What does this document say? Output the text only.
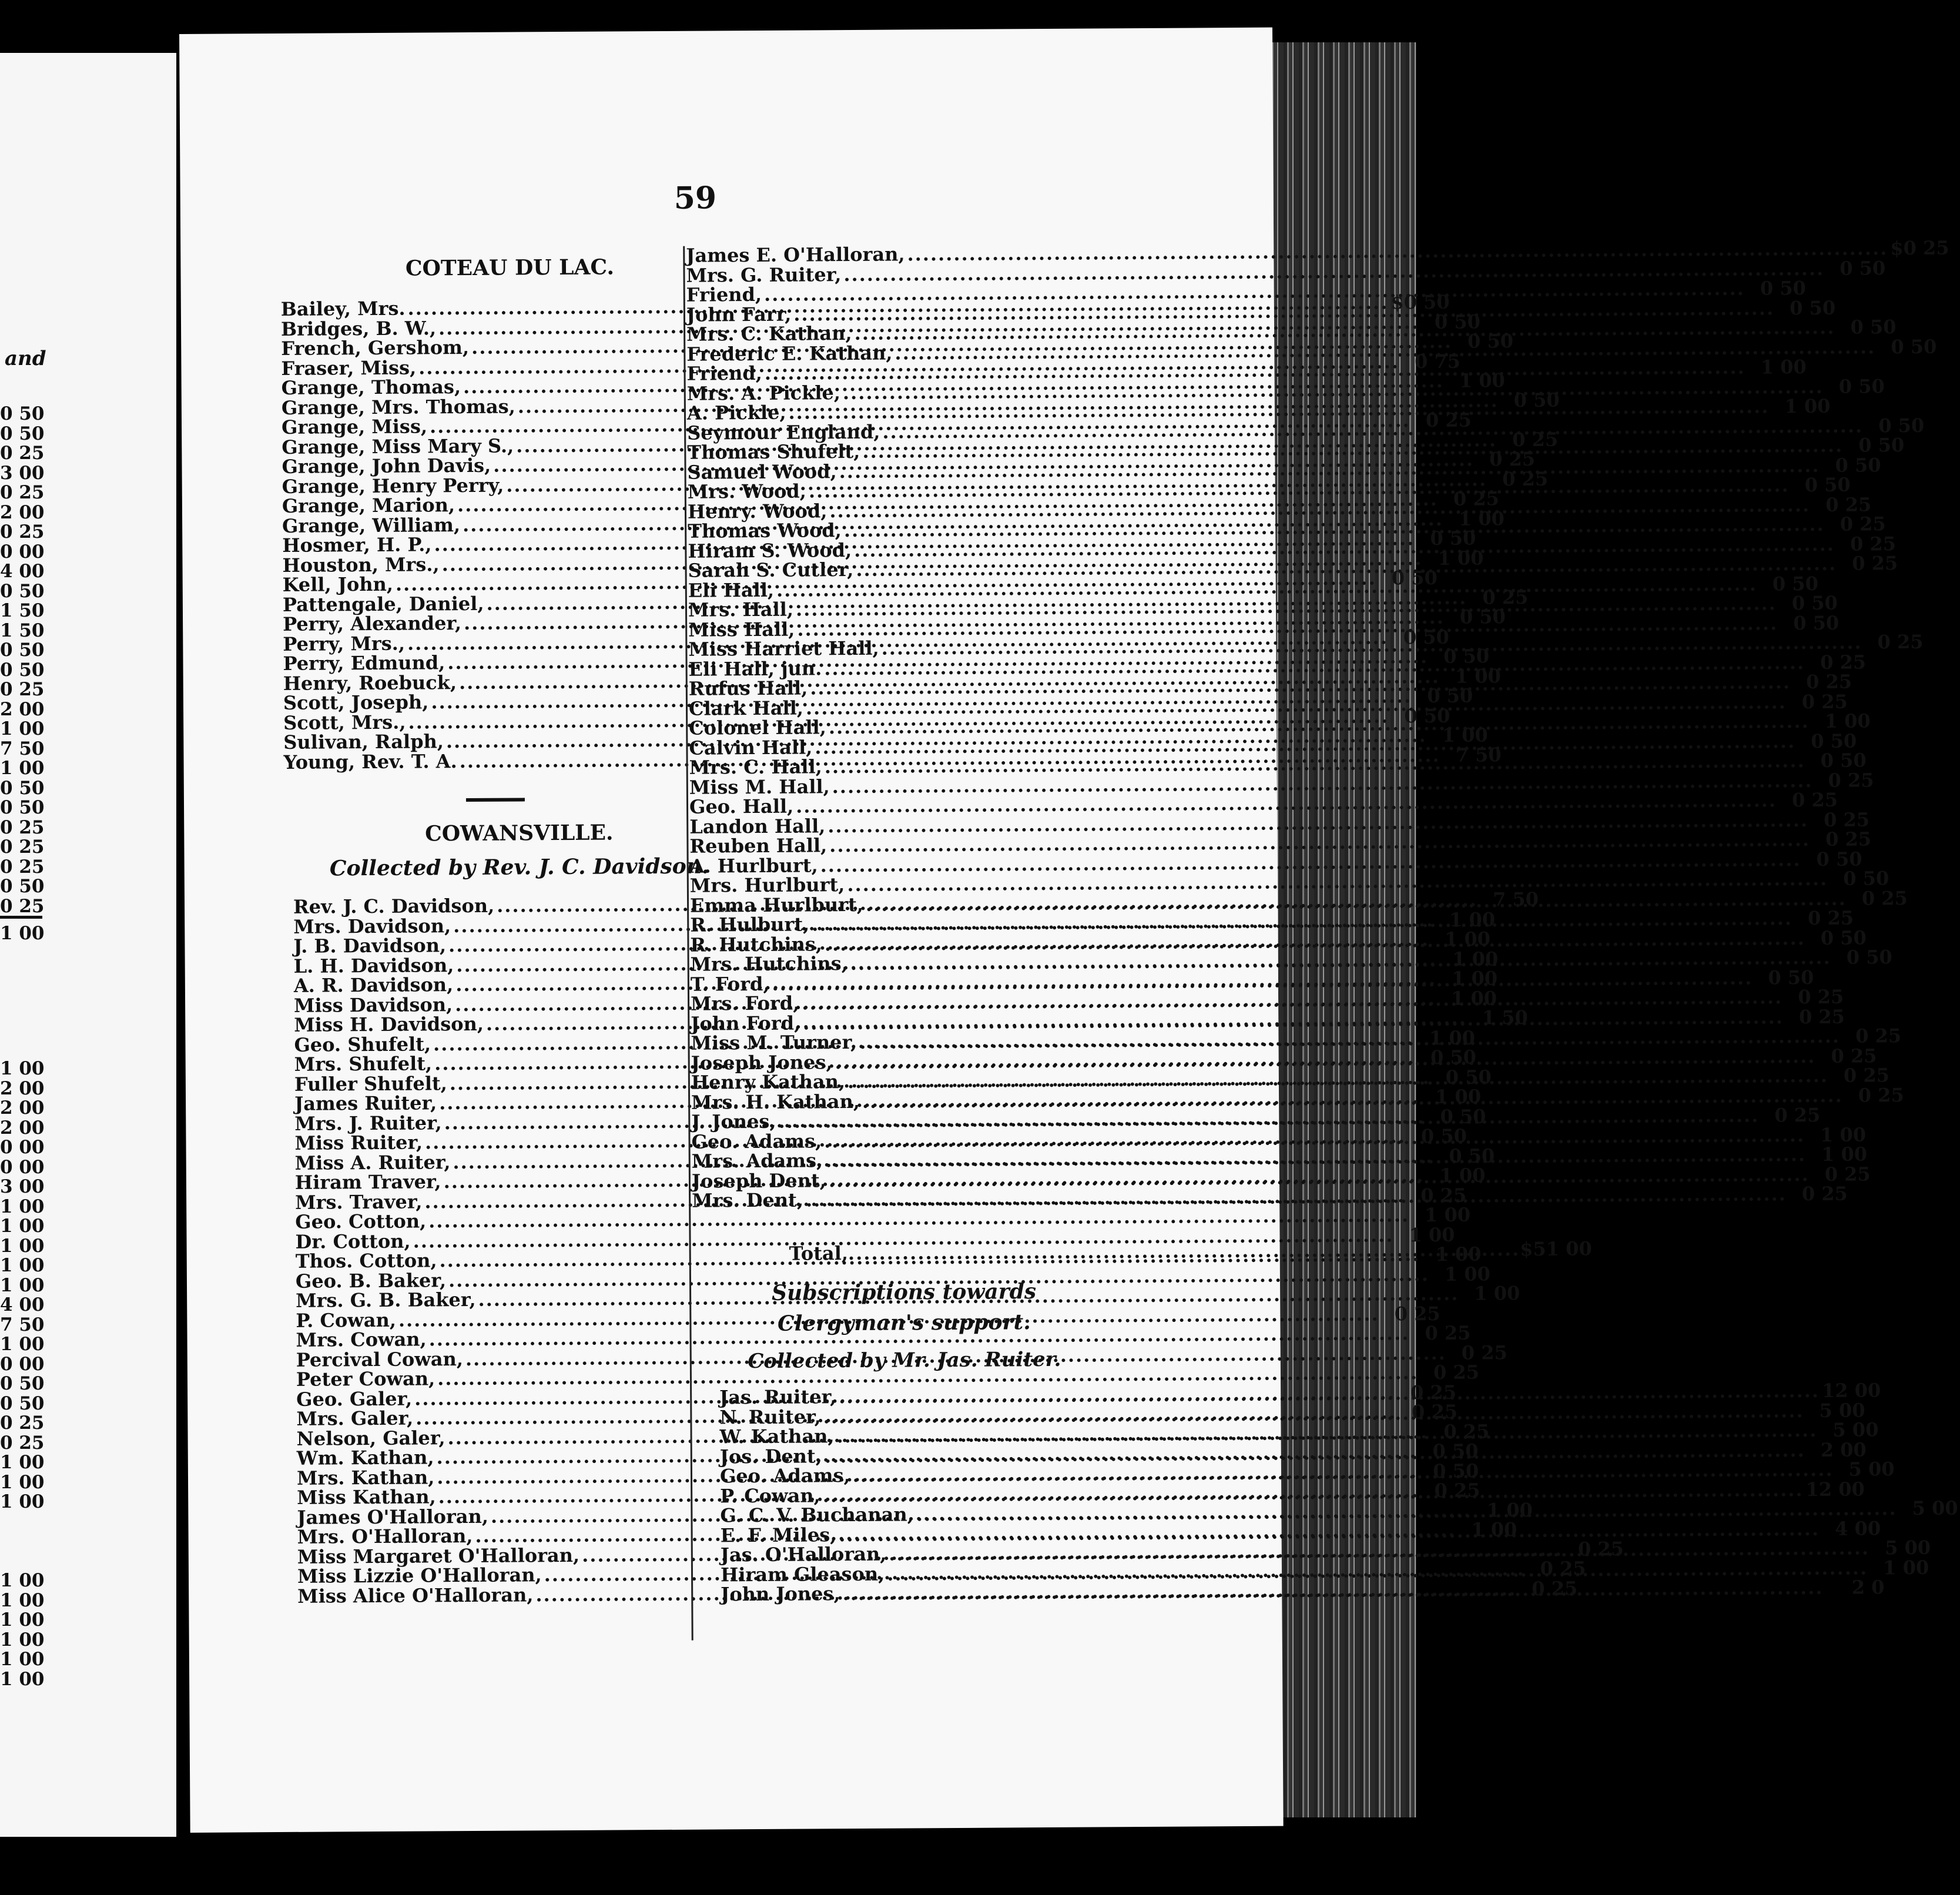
and
0 50
0 50
0 25
3 00
0 25
2 00
0 25
0 00
4 00
0 50
1 50
1 50
0 50
0 50
0 25
2 00
1 00
7 50
1 00
0 50
0 50
0 25
0 25
0 25
0 50
0 25
1 00
1 00
2 00
2 00
2 00
0 00
0 00
3 00
1 00
1 00
1 00
1 00
1 00
4 00
7 50
1 00
0 00
0 50
0 50
0 25
0 25
1 00
1 00
1 00
1 00
1 00
1 00
1 00
1 00
1 00
59
COTEAU DU LAC.
Bailey, Mrs. .....	$0 50
Bridges, B. W., .....	0 50
French, Gershom, .....	0 50
Fraser, Miss, .....	0 75
Grange, Thomas, .....	1 00
Grange, Mrs. Thomas, .....	0 50
Grange, Miss, .....	0 25
Grange, Miss Mary S., .....	0 25
Grange, John Davis, .....	0 25
Grange, Henry Perry, .....	0 25
Grange, Marion, .....	0 25
Grange, William, .....	1 00
Hosmer, H. P., .....	0 50
Houston, Mrs., .....	1 00
Kell, John, .....	0 50
Pattengale, Daniel, .....	0 25
Perry, Alexander, .....	0 50
Perry, Mrs., .....	0 50
Perry, Edmund, .....	0 50
Henry, Roebuck, .....	1 00
Scott, Joseph, .....	0 50
Scott, Mrs., .....	0 50
Sulivan, Ralph, .....	1 00
Young, Rev. T. A. .....	7 50
COWANSVILLE.
Collected by Rev. J. C. Davidson.
Rev. J. C. Davidson, .....	7 50
Mrs. Davidson, .....	1 00
J. B. Davidson, .....	1 00
L. H. Davidson, .....	1 00
A. R. Davidson, .....	1 00
Miss Davidson, .....	1 00
Miss H. Davidson, .....	1 50
Geo. Shufelt, .....	1 00
Mrs. Shufelt, .....	0 50
Fuller Shufelt, .....	0 50
James Ruiter, .....	1 00
Mrs. J. Ruiter, .....	0 50
Miss Ruiter, .....	0 50
Miss A. Ruiter, .....	0 50
Hiram Traver, .....	1 00
Mrs. Traver, .....	0 25
Geo. Cotton, .....	1 00
Dr. Cotton, .....	1 00
Thos. Cotton, .....	1 00
Geo. B. Baker, .....	1 00
Mrs. G. B. Baker, .....	1 00
P. Cowan, .....	0 25
Mrs. Cowan, .....	0 25
Percival Cowan, .....	0 25
Peter Cowan, .....	0 25
Geo. Galer, .....	0 25
Mrs. Galer, .....	0 25
Nelson, Galer, .....	0 25
Wm. Kathan, .....	0 50
Mrs. Kathan, .....	0 50
Miss Kathan, .....	0 25
James O'Halloran, .....	1 00
Mrs. O'Halloran, .....	1 00
Miss Margaret O'Halloran, .....	0 25
Miss Lizzie O'Halloran, .....	0 25
Miss Alice O'Halloran, .....	0 25
James E. O'Halloran, .....	$0 25
Mrs. G. Ruiter, .....	0 50
Friend, .....	0 50
John Farr, .....	0 50
Mrs. C. Kathan, .....	0 50
Frederic E. Kathan, .....	0 50
Friend, .....	1 00
Mrs. A. Pickle, .....	0 50
A. Pickle, .....	1 00
Seymour England, .....	0 50
Thomas Shufelt, .....	0 50
Samuel Wood, .....	0 50
Mrs. Wood, .....	0 50
Henry. Wood, .....	0 25
Thomas Wood, .....	0 25
Hiram S. Wood, .....	0 25
Sarah S. Cutler, .....	0 25
Eli Hall, .....	0 50
Mrs. Hall, .....	0 50
Miss Hall, .....	0 50
Miss Harriet Hall, .....	0 25
Eli Hall, jun. .....	0 25
Rufus Hall, .....	0 25
Clark Hall, .....	0 25
Colonel Hall, .....	1 00
Calvin Hall, .....	0 50
Mrs. C. Hall, .....	0 50
Miss M. Hall, .....	0 25
Geo. Hall, .....	0 25
Landon Hall, .....	0 25
Reuben Hall, .....	0 25
A. Hurlburt, .....	0 50
Mrs. Hurlburt, .....	0 50
Emma Hurlburt, .....	0 25
R. Hulburt, .....	0 25
R. Hutchins, .....	0 50
Mrs. Hutchins, .....	0 50
T. Ford, .....	0 50
Mrs. Ford, .....	0 25
John Ford, .....	0 25
Miss M. Turner, .....	0 25
Joseph Jones, .....	0 25
Henry Kathan, .....	0 25
Mrs. H. Kathan, .....	0 25
J. Jones, .....	0 25
Geo. Adams, .....	1 00
Mrs. Adams, .....	1 00
Joseph Dent, .....	0 25
Mrs. Dent, .....	0 25
Total, .....	$51 00
Subscriptions towards Clergyman's support.
Collected by Mr. Jas. Ruiter.
Jas. Ruiter, .....	12 00
N. Ruiter, .....	5 00
W. Kathan, .....	5 00
Jos. Dent, .....	2 00
Geo. Adams, .....	5 00
P. Cowan, .....	12 00
G. C. V. Buchanan, .....	5 00
E. F. Miles, .....	4 00
Jas. O'Halloran, .....	5 00
Hiram Gleason, .....	1 00
John Jones, .....	2 0
